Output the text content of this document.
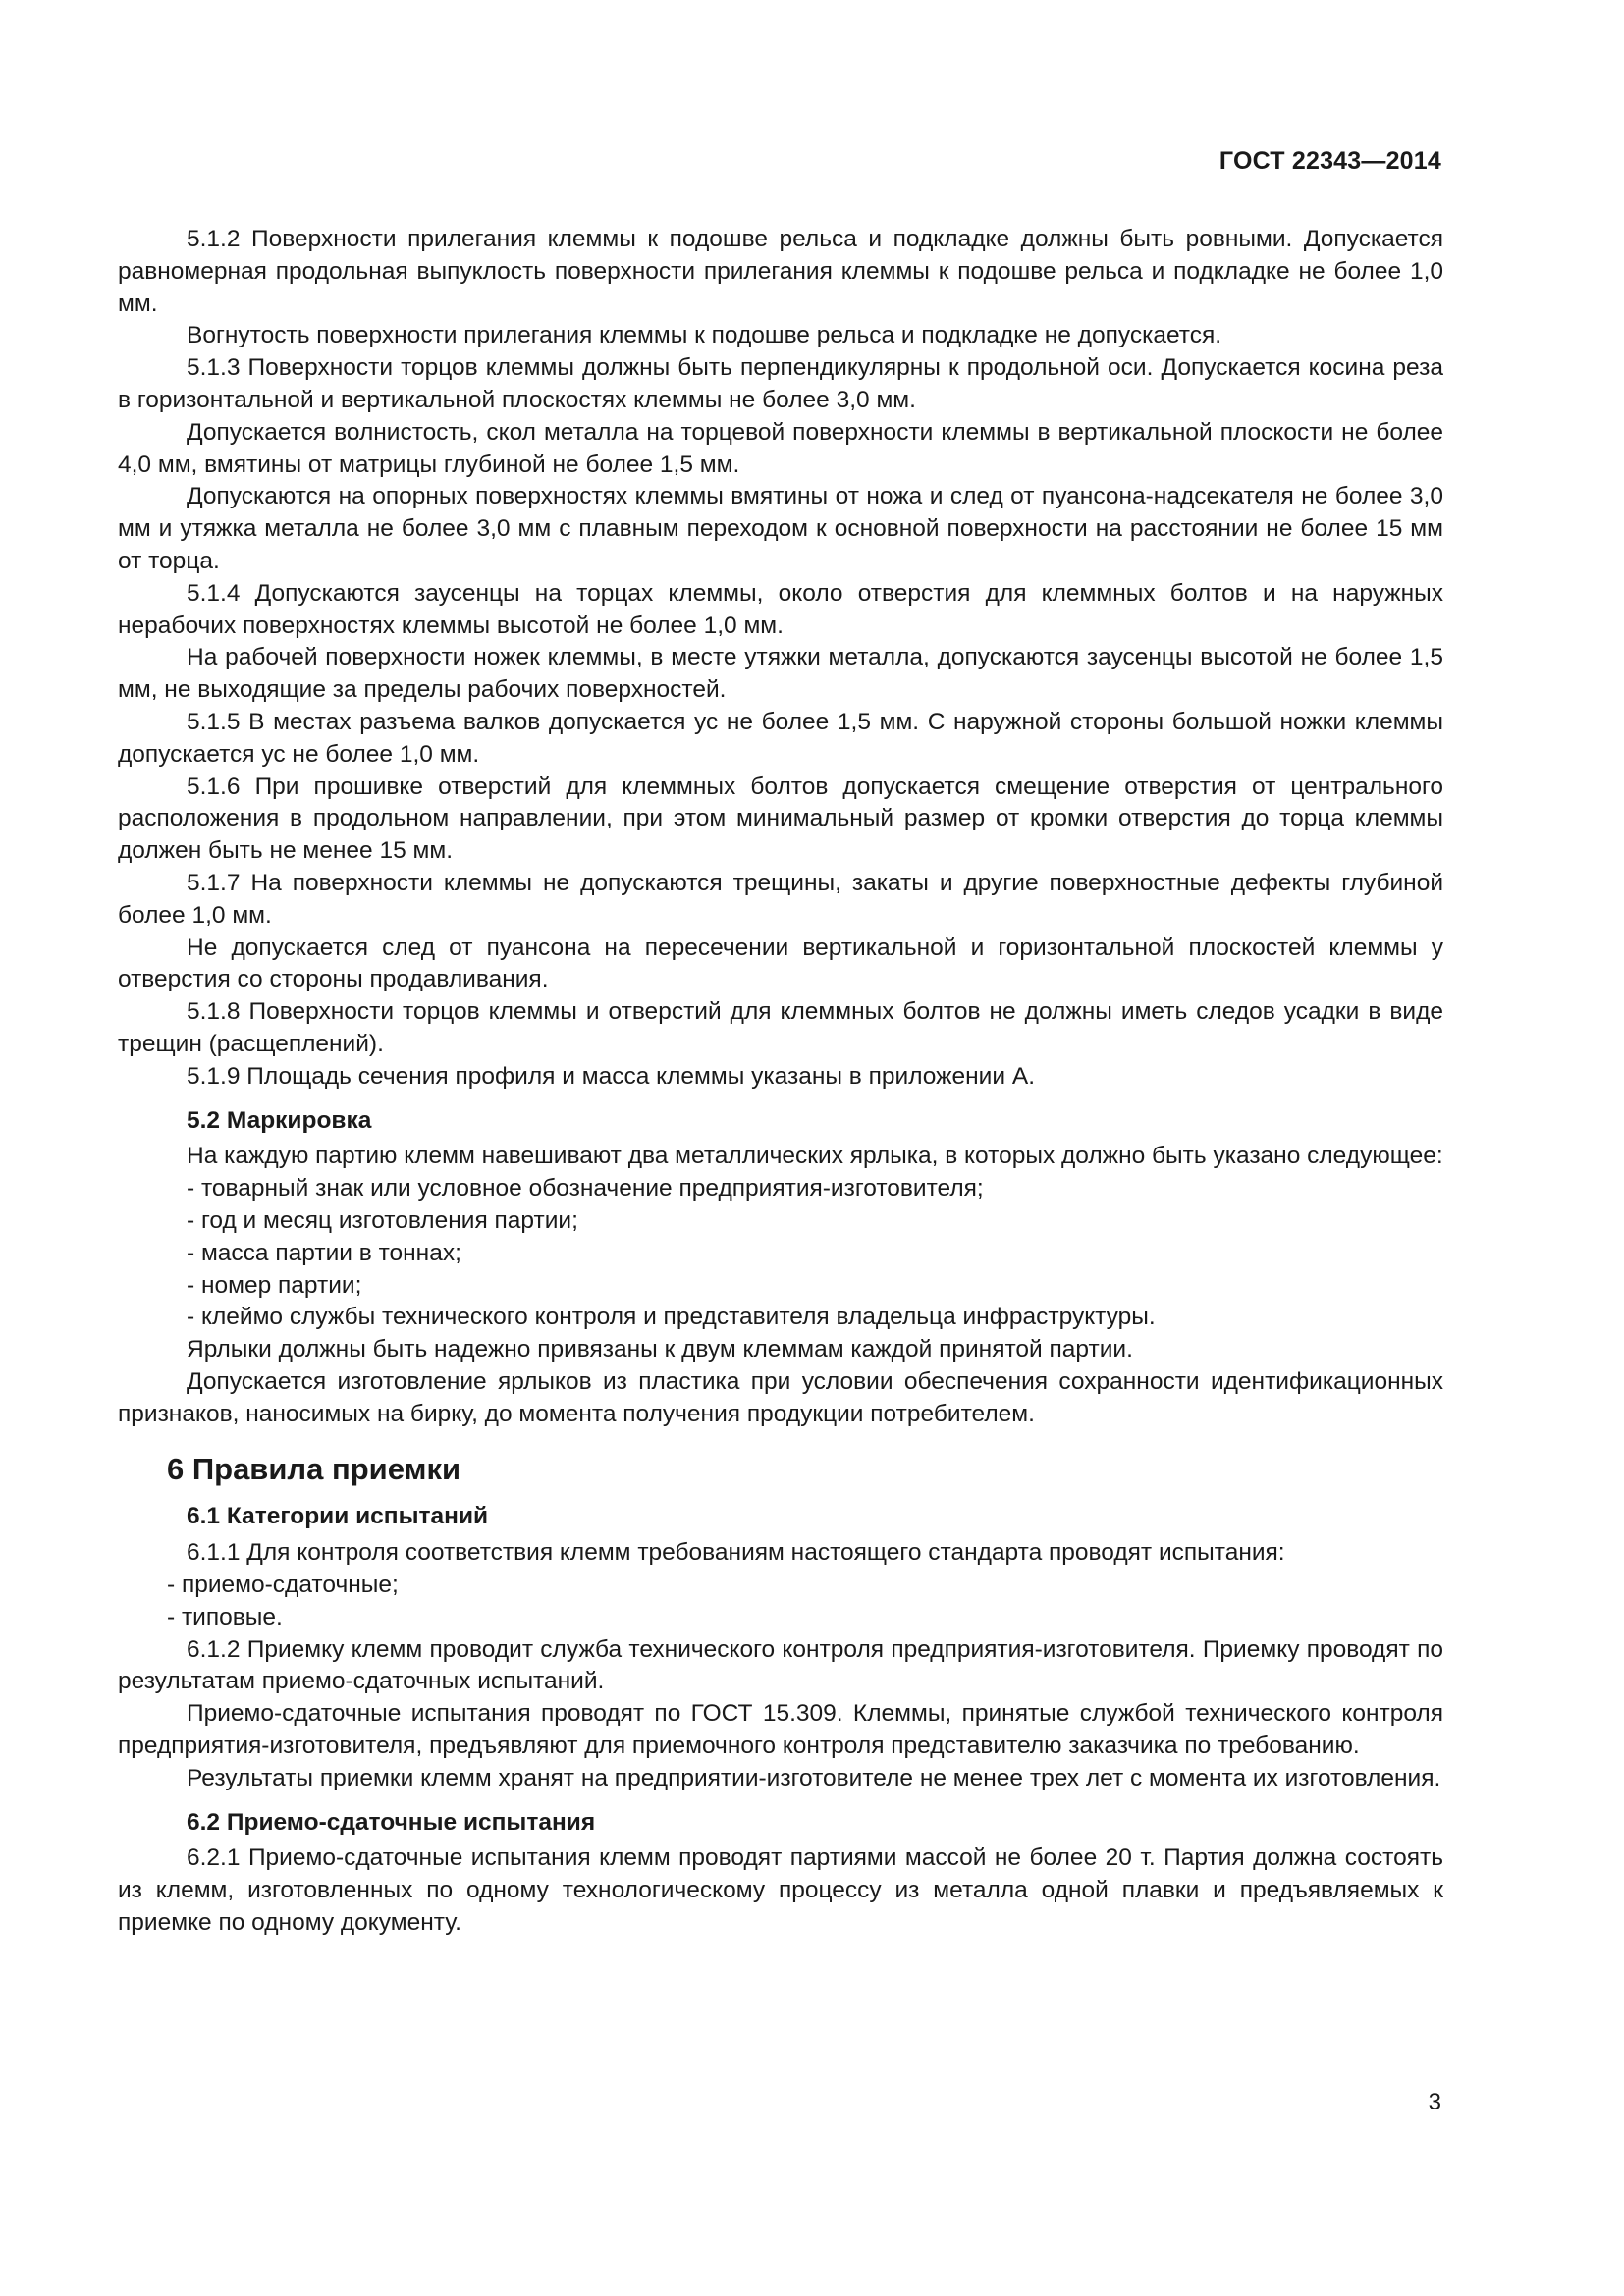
ГОСТ 22343—2014

5.1.2 Поверхности прилегания клеммы к подошве рельса и подкладке должны быть ровными. Допускается равномерная продольная выпуклость поверхности прилегания клеммы к подошве рельса и подкладке не более 1,0 мм.

Вогнутость поверхности прилегания клеммы к подошве рельса и подкладке не допускается.

5.1.3 Поверхности торцов клеммы должны быть перпендикулярны к продольной оси. Допускается косина реза в горизонтальной и вертикальной плоскостях клеммы не более 3,0 мм.

Допускается волнистость, скол металла на торцевой поверхности клеммы в вертикальной плоскости не более 4,0 мм, вмятины от матрицы глубиной не более 1,5 мм.

Допускаются на опорных поверхностях клеммы вмятины от ножа и след от пуансона-надсекателя не более 3,0 мм и утяжка металла не более 3,0 мм с плавным переходом к основной поверхности на расстоянии не более 15 мм от торца.

5.1.4 Допускаются заусенцы на торцах клеммы, около отверстия для клеммных болтов и на наружных нерабочих поверхностях клеммы высотой не более 1,0 мм.

На рабочей поверхности ножек клеммы, в месте утяжки металла, допускаются заусенцы высотой не более 1,5 мм, не выходящие за пределы рабочих поверхностей.

5.1.5 В местах разъема валков допускается ус не более 1,5 мм. С наружной стороны большой ножки клеммы допускается ус не более 1,0 мм.

5.1.6 При прошивке отверстий для клеммных болтов допускается смещение отверстия от центрального расположения в продольном направлении, при этом минимальный размер от кромки отверстия до торца клеммы должен быть не менее 15 мм.

5.1.7 На поверхности клеммы не допускаются трещины, закаты и другие поверхностные дефекты глубиной более 1,0 мм.

Не допускается след от пуансона на пересечении вертикальной и горизонтальной плоскостей клеммы у отверстия со стороны продавливания.

5.1.8 Поверхности торцов клеммы и отверстий для клеммных болтов не должны иметь следов усадки в виде трещин (расщеплений).

5.1.9 Площадь сечения профиля и масса клеммы указаны в приложении А.

5.2 Маркировка

На каждую партию клемм навешивают два металлических ярлыка, в которых должно быть указано следующее:

- товарный знак или условное обозначение предприятия-изготовителя;
- год и месяц изготовления партии;
- масса партии в тоннах;
- номер партии;
- клеймо службы технического контроля и представителя владельца инфраструктуры.

Ярлыки должны быть надежно привязаны к двум клеммам каждой принятой партии.

Допускается изготовление ярлыков из пластика при условии обеспечения сохранности идентификационных признаков, наносимых на бирку, до момента получения продукции потребителем.

6 Правила приемки
6.1 Категории испытаний

6.1.1 Для контроля соответствия клемм требованиям настоящего стандарта проводят испытания:

- приемо-сдаточные;
- типовые.

6.1.2 Приемку клемм проводит служба технического контроля предприятия-изготовителя. Приемку проводят по результатам приемо-сдаточных испытаний.

Приемо-сдаточные испытания проводят по ГОСТ 15.309. Клеммы, принятые службой технического контроля предприятия-изготовителя, предъявляют для приемочного контроля представителю заказчика по требованию.

Результаты приемки клемм хранят на предприятии-изготовителе не менее трех лет с момента их изготовления.

6.2 Приемо-сдаточные испытания

6.2.1 Приемо-сдаточные испытания клемм проводят партиями массой не более 20 т. Партия должна состоять из клемм, изготовленных по одному технологическому процессу из металла одной плавки и предъявляемых к приемке по одному документу.

3
